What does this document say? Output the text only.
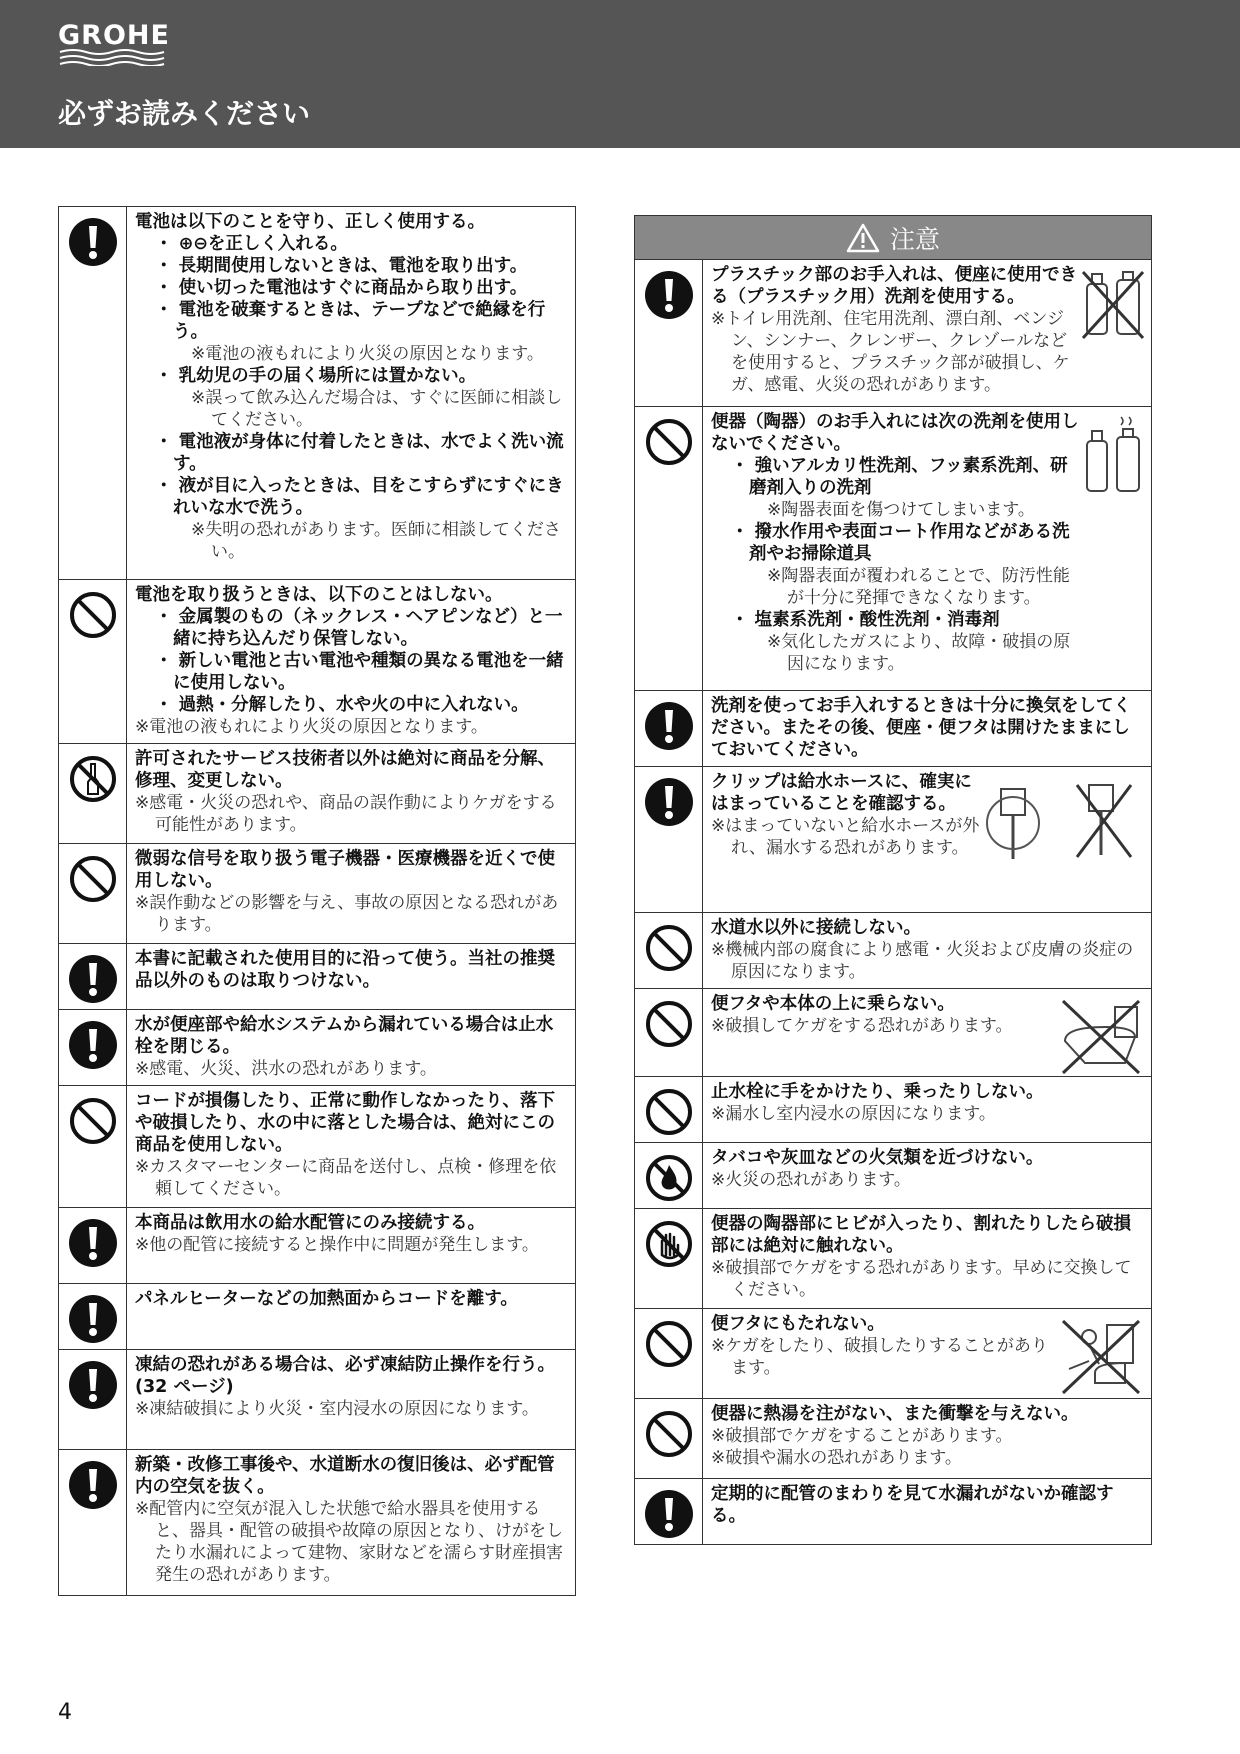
GROHE
必ずお読みください
電池は以下のことを守り、正しく使用する。
・ ⊕⊖を正しく入れる。
・ 長期間使用しないときは、電池を取り出す。
・ 使い切った電池はすぐに商品から取り出す。
・ 電池を破棄するときは、テープなどで絶縁を行う。
※電池の液もれにより火災の原因となります。
・ 乳幼児の手の届く場所には置かない。
※誤って飲み込んだ場合は、すぐに医師に相談してください。
・ 電池液が身体に付着したときは、水でよく洗い流す。
・ 液が目に入ったときは、目をこすらずにすぐにきれいな水で洗う。
※失明の恐れがあります。医師に相談してください。
電池を取り扱うときは、以下のことはしない。
・ 金属製のもの（ネックレス・ヘアピンなど）と一緒に持ち込んだり保管しない。
・ 新しい電池と古い電池や種類の異なる電池を一緒に使用しない。
・ 過熱・分解したり、水や火の中に入れない。
※電池の液もれにより火災の原因となります。
許可されたサービス技術者以外は絶対に商品を分解、修理、変更しない。
※感電・火災の恐れや、商品の誤作動によりケガをする可能性があります。
微弱な信号を取り扱う電子機器・医療機器を近くで使用しない。
※誤作動などの影響を与え、事故の原因となる恐れがあります。
本書に記載された使用目的に沿って使う。当社の推奨品以外のものは取りつけない。
水が便座部や給水システムから漏れている場合は止水栓を閉じる。
※感電、火災、洪水の恐れがあります。
コードが損傷したり、正常に動作しなかったり、落下や破損したり、水の中に落とした場合は、絶対にこの商品を使用しない。
※カスタマーセンターに商品を送付し、点検・修理を依頼してください。
本商品は飲用水の給水配管にのみ接続する。
※他の配管に接続すると操作中に問題が発生します。
パネルヒーターなどの加熱面からコードを離す。
凍結の恐れがある場合は、必ず凍結防止操作を行う。(32 ページ)
※凍結破損により火災・室内浸水の原因になります。
新築・改修工事後や、水道断水の復旧後は、必ず配管内の空気を抜く。
※配管内に空気が混入した状態で給水器具を使用すると、器具・配管の破損や故障の原因となり、けがをしたり水漏れによって建物、家財などを濡らす財産損害発生の恐れがあります。
注意
プラスチック部のお手入れは、便座に使用できる（プラスチック用）洗剤を使用する。
※トイレ用洗剤、住宅用洗剤、漂白剤、ベンジン、シンナー、クレンザー、クレゾールなどを使用すると、プラスチック部が破損し、ケガ、感電、火災の恐れがあります。
便器（陶器）のお手入れには次の洗剤を使用しないでください。
・ 強いアルカリ性洗剤、フッ素系洗剤、研磨剤入りの洗剤
※陶器表面を傷つけてしまいます。
・ 撥水作用や表面コート作用などがある洗剤やお掃除道具
※陶器表面が覆われることで、防汚性能が十分に発揮できなくなります。
・ 塩素系洗剤・酸性洗剤・消毒剤
※気化したガスにより、故障・破損の原因になります。
洗剤を使ってお手入れするときは十分に換気をしてください。またその後、便座・便フタは開けたままにしておいてください。
クリップは給水ホースに、確実にはまっていることを確認する。
※はまっていないと給水ホースが外れ、漏水する恐れがあります。
水道水以外に接続しない。
※機械内部の腐食により感電・火災および皮膚の炎症の原因になります。
便フタや本体の上に乗らない。
※破損してケガをする恐れがあります。
止水栓に手をかけたり、乗ったりしない。
※漏水し室内浸水の原因になります。
タバコや灰皿などの火気類を近づけない。
※火災の恐れがあります。
便器の陶器部にヒビが入ったり、割れたりしたら破損部には絶対に触れない。
※破損部でケガをする恐れがあります。早めに交換してください。
便フタにもたれない。
※ケガをしたり、破損したりすることがあります。
便器に熱湯を注がない、また衝撃を与えない。
※破損部でケガをすることがあります。
※破損や漏水の恐れがあります。
定期的に配管のまわりを見て水漏れがないか確認する。
4
